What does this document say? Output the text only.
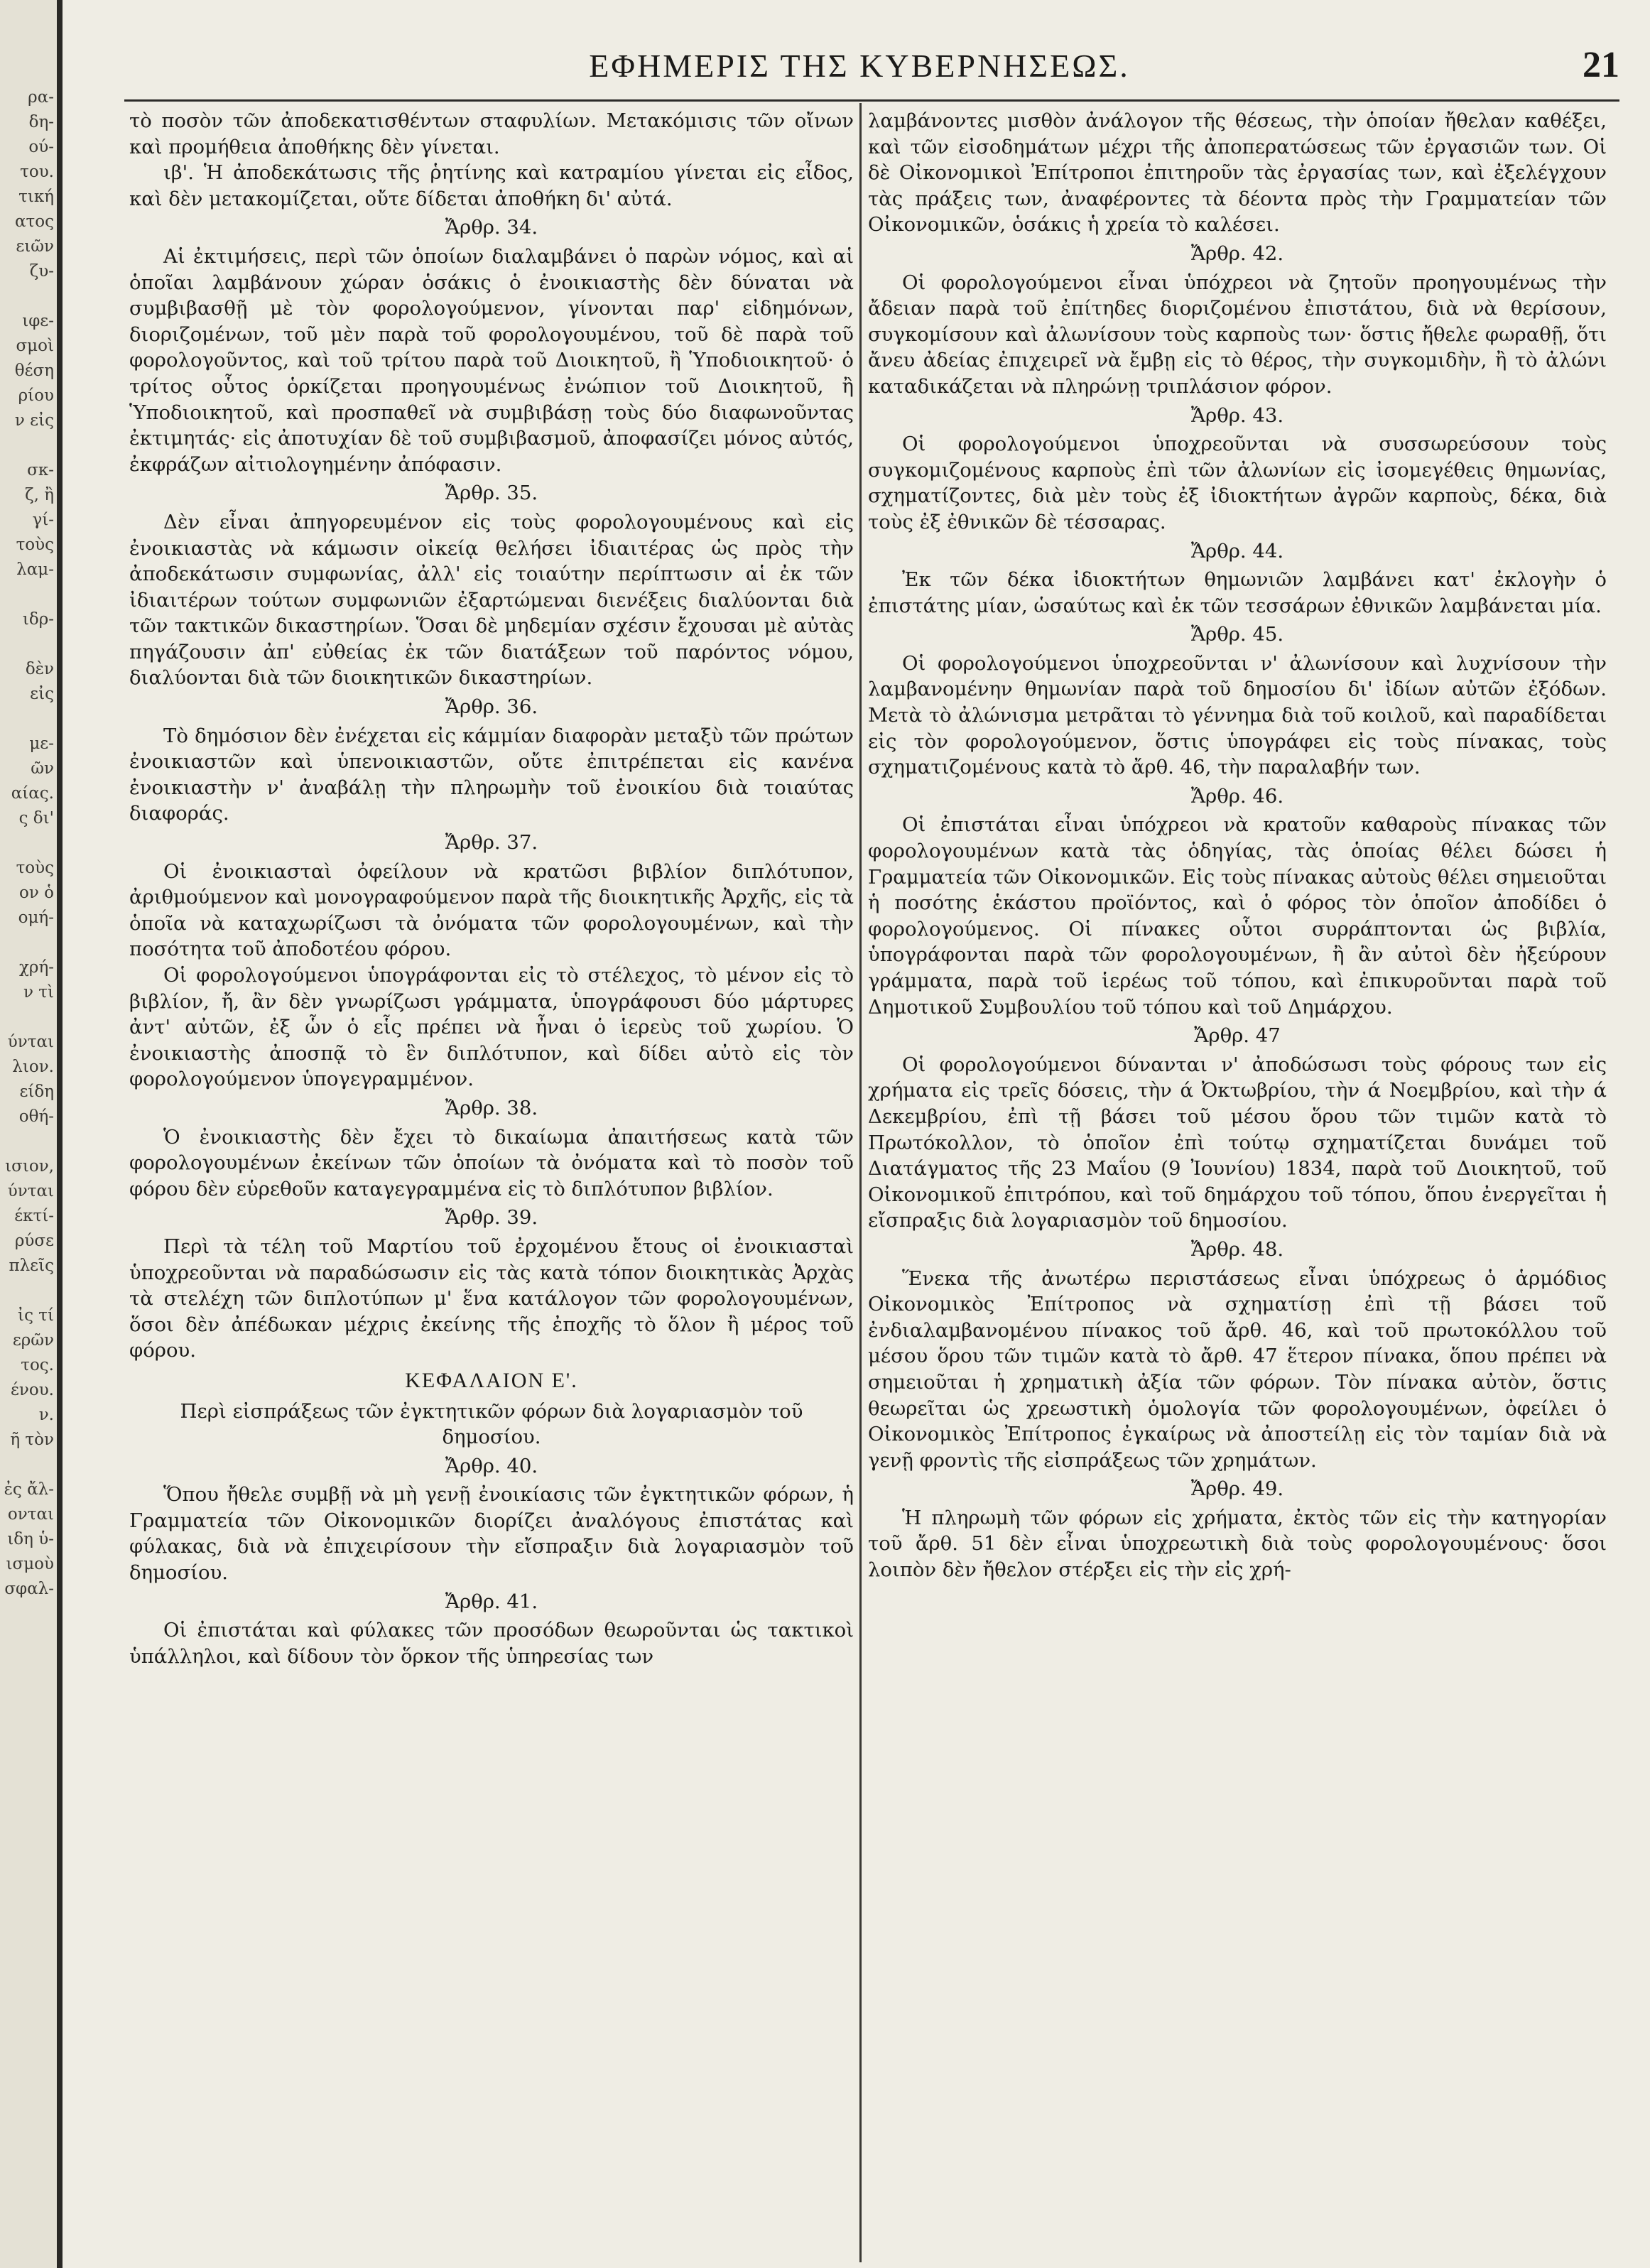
ρα-
δη-
ού-
του.
τική
ατος
ειῶν
ζυ-
ιφε-
σμοὶ
θέση
ρίου
ν εἰς
σκ-
ζ, ἢ
γί-
τοὺς
λαμ-
ιδρ-
δὲν
εἰς
με-
ῶν
αίας.
ς δι'
τοὺς
ον ὁ
ομή-
χρή-
ν τὶ
ύνται
λιον.
είδη
οθή-
ισιον,
ύνται
έκτί-
ρύσε
πλεῖς
ἰς τί
ερῶν
τος.
ένου.
ν.
ῆ τὸν
ἐς ἄλ-
ονται
ιδη ὑ-
ισμοὺ
σφαλ-
ΕΦΗΜΕΡΙΣ ΤΗΣ ΚΥΒΕΡΝΗΣΕΩΣ.	21
τὸ ποσὸν τῶν ἀποδεκατισθέντων σταφυλίων. Μετακόμισις τῶν οἴνων καὶ προμήθεια ἀποθήκης δὲν γίνεται.
ιβ'. Ἡ ἀποδεκάτωσις τῆς ῥητίνης καὶ κατραμίου γίνεται εἰς εἶδος, καὶ δὲν μετακομίζεται, οὔτε δίδεται ἀποθήκη δι' αὐτά.
Ἄρθρ. 34.
Αἱ ἐκτιμήσεις, περὶ τῶν ὁποίων διαλαμβάνει ὁ παρὼν νόμος, καὶ αἱ ὁποῖαι λαμβάνουν χώραν ὁσάκις ὁ ἐνοικιαστὴς δὲν δύναται νὰ συμβιβασθῇ μὲ τὸν φορολογούμενον, γίνονται παρ' εἰδημόνων, διοριζομένων, τοῦ μὲν παρὰ τοῦ φορολογουμένου, τοῦ δὲ παρὰ τοῦ φορολογοῦντος, καὶ τοῦ τρίτου παρὰ τοῦ Διοικητοῦ, ἢ Ὑποδιοικητοῦ· ὁ τρίτος οὗτος ὁρκίζεται προηγουμένως ἐνώπιον τοῦ Διοικητοῦ, ἢ Ὑποδιοικητοῦ, καὶ προσπαθεῖ νὰ συμβιβάσῃ τοὺς δύο διαφωνοῦντας ἐκτιμητάς· εἰς ἀποτυχίαν δὲ τοῦ συμβιβασμοῦ, ἀποφασίζει μόνος αὐτός, ἐκφράζων αἰτιολογημένην ἀπόφασιν.
Ἄρθρ. 35.
Δὲν εἶναι ἀπηγορευμένον εἰς τοὺς φορολογουμένους καὶ εἰς ἐνοικιαστὰς νὰ κάμωσιν οἰκείᾳ θελήσει ἰδιαιτέρας ὡς πρὸς τὴν ἀποδεκάτωσιν συμφωνίας, ἀλλ' εἰς τοιαύτην περίπτωσιν αἱ ἐκ τῶν ἰδιαιτέρων τούτων συμφωνιῶν ἐξαρτώμεναι διενέξεις διαλύονται διὰ τῶν τακτικῶν δικαστηρίων. Ὅσαι δὲ μηδεμίαν σχέσιν ἔχουσαι μὲ αὐτὰς πηγάζουσιν ἀπ' εὐθείας ἐκ τῶν διατάξεων τοῦ παρόντος νόμου, διαλύονται διὰ τῶν διοικητικῶν δικαστηρίων.
Ἄρθρ. 36.
Τὸ δημόσιον δὲν ἐνέχεται εἰς κάμμίαν διαφορὰν μεταξὺ τῶν πρώτων ἐνοικιαστῶν καὶ ὑπενοικιαστῶν, οὔτε ἐπιτρέπεται εἰς κανένα ἐνοικιαστὴν ν' ἀναβάλῃ τὴν πληρωμὴν τοῦ ἐνοικίου διὰ τοιαύτας διαφοράς.
Ἄρθρ. 37.
Οἱ ἐνοικιασταὶ ὀφείλουν νὰ κρατῶσι βιβλίον διπλότυπον, ἀριθμούμενον καὶ μονογραφούμενον παρὰ τῆς διοικητικῆς Ἀρχῆς, εἰς τὰ ὁποῖα νὰ καταχωρίζωσι τὰ ὀνόματα τῶν φορολογουμένων, καὶ τὴν ποσότητα τοῦ ἀποδοτέου φόρου.
Οἱ φορολογούμενοι ὑπογράφονται εἰς τὸ στέλεχος, τὸ μένον εἰς τὸ βιβλίον, ἤ, ἂν δὲν γνωρίζωσι γράμματα, ὑπογράφουσι δύο μάρτυρες ἀντ' αὐτῶν, ἐξ ὧν ὁ εἷς πρέπει νὰ ἦναι ὁ ἱερεὺς τοῦ χωρίου. Ὁ ἐνοικιαστὴς ἀποσπᾷ τὸ ἓν διπλότυπον, καὶ δίδει αὐτὸ εἰς τὸν φορολογούμενον ὑπογεγραμμένον.
Ἄρθρ. 38.
Ὁ ἐνοικιαστὴς δὲν ἔχει τὸ δικαίωμα ἀπαιτήσεως κατὰ τῶν φορολογουμένων ἐκείνων τῶν ὁποίων τὰ ὀνόματα καὶ τὸ ποσὸν τοῦ φόρου δὲν εὑρεθοῦν καταγεγραμμένα εἰς τὸ διπλότυπον βιβλίον.
Ἄρθρ. 39.
Περὶ τὰ τέλη τοῦ Μαρτίου τοῦ ἐρχομένου ἔτους οἱ ἐνοικιασταὶ ὑποχρεοῦνται νὰ παραδώσωσιν εἰς τὰς κατὰ τόπον διοικητικὰς Ἀρχὰς τὰ στελέχη τῶν διπλοτύπων μ' ἕνα κατάλογον τῶν φορολογουμένων, ὅσοι δὲν ἀπέδωκαν μέχρις ἐκείνης τῆς ἐποχῆς τὸ ὅλον ἢ μέρος τοῦ φόρου.
ΚΕΦΑΛΑΙΟΝ Ε'.
Περὶ εἰσπράξεως τῶν ἐγκτητικῶν φόρων διὰ λογαριασμὸν τοῦ δημοσίου.
Ἄρθρ. 40.
Ὅπου ἤθελε συμβῇ νὰ μὴ γενῇ ἐνοικίασις τῶν ἐγκτητικῶν φόρων, ἡ Γραμματεία τῶν Οἰκονομικῶν διορίζει ἀναλόγους ἐπιστάτας καὶ φύλακας, διὰ νὰ ἐπιχειρίσουν τὴν εἴσπραξιν διὰ λογαριασμὸν τοῦ δημοσίου.
Ἄρθρ. 41.
Οἱ ἐπιστάται καὶ φύλακες τῶν προσόδων θεωροῦνται ὡς τακτικοὶ ὑπάλληλοι, καὶ δίδουν τὸν ὅρκον τῆς ὑπηρεσίας των
λαμβάνοντες μισθὸν ἀνάλογον τῆς θέσεως, τὴν ὁποίαν ἤθελαν καθέξει, καὶ τῶν εἰσοδημάτων μέχρι τῆς ἀποπερατώσεως τῶν ἐργασιῶν των. Οἱ δὲ Οἰκονομικοὶ Ἐπίτροποι ἐπιτηροῦν τὰς ἐργασίας των, καὶ ἐξελέγχουν τὰς πράξεις των, ἀναφέροντες τὰ δέοντα πρὸς τὴν Γραμματείαν τῶν Οἰκονομικῶν, ὁσάκις ἡ χρεία τὸ καλέσει.
Ἄρθρ. 42.
Οἱ φορολογούμενοι εἶναι ὑπόχρεοι νὰ ζητοῦν προηγουμένως τὴν ἄδειαν παρὰ τοῦ ἐπίτηδες διοριζομένου ἐπιστάτου, διὰ νὰ θερίσουν, συγκομίσουν καὶ ἀλωνίσουν τοὺς καρποὺς των· ὅστις ἤθελε φωραθῇ, ὅτι ἄνευ ἀδείας ἐπιχειρεῖ νὰ ἔμβῃ εἰς τὸ θέρος, τὴν συγκομιδὴν, ἢ τὸ ἀλώνι καταδικάζεται νὰ πληρώνῃ τριπλάσιον φόρον.
Ἄρθρ. 43.
Οἱ φορολογούμενοι ὑποχρεοῦνται νὰ συσσωρεύσουν τοὺς συγκομιζομένους καρποὺς ἐπὶ τῶν ἀλωνίων εἰς ἰσομεγέθεις θημωνίας, σχηματίζοντες, διὰ μὲν τοὺς ἐξ ἰδιοκτήτων ἀγρῶν καρποὺς, δέκα, διὰ τοὺς ἐξ ἐθνικῶν δὲ τέσσαρας.
Ἄρθρ. 44.
Ἐκ τῶν δέκα ἰδιοκτήτων θημωνιῶν λαμβάνει κατ' ἐκλογὴν ὁ ἐπιστάτης μίαν, ὡσαύτως καὶ ἐκ τῶν τεσσάρων ἐθνικῶν λαμβάνεται μία.
Ἄρθρ. 45.
Οἱ φορολογούμενοι ὑποχρεοῦνται ν' ἀλωνίσουν καὶ λυχνίσουν τὴν λαμβανομένην θημωνίαν παρὰ τοῦ δημοσίου δι' ἰδίων αὐτῶν ἐξόδων. Μετὰ τὸ ἀλώνισμα μετρᾶται τὸ γέννημα διὰ τοῦ κοιλοῦ, καὶ παραδίδεται εἰς τὸν φορολογούμενον, ὅστις ὑπογράφει εἰς τοὺς πίνακας, τοὺς σχηματιζομένους κατὰ τὸ ἄρθ. 46, τὴν παραλαβήν των.
Ἄρθρ. 46.
Οἱ ἐπιστάται εἶναι ὑπόχρεοι νὰ κρατοῦν καθαροὺς πίνακας τῶν φορολογουμένων κατὰ τὰς ὁδηγίας, τὰς ὁποίας θέλει δώσει ἡ Γραμματεία τῶν Οἰκονομικῶν. Εἰς τοὺς πίνακας αὐτοὺς θέλει σημειοῦται ἡ ποσότης ἑκάστου προϊόντος, καὶ ὁ φόρος τὸν ὁποῖον ἀποδίδει ὁ φορολογούμενος. Οἱ πίνακες οὗτοι συρράπτονται ὡς βιβλία, ὑπογράφονται παρὰ τῶν φορολογουμένων, ἢ ἂν αὐτοὶ δὲν ἠξεύρουν γράμματα, παρὰ τοῦ ἱερέως τοῦ τόπου, καὶ ἐπικυροῦνται παρὰ τοῦ Δημοτικοῦ Συμβουλίου τοῦ τόπου καὶ τοῦ Δημάρχου.
Ἄρθρ. 47
Οἱ φορολογούμενοι δύνανται ν' ἀποδώσωσι τοὺς φόρους των εἰς χρήματα εἰς τρεῖς δόσεις, τὴν ά Ὀκτωβρίου, τὴν ά Νοεμβρίου, καὶ τὴν ά Δεκεμβρίου, ἐπὶ τῇ βάσει τοῦ μέσου ὅρου τῶν τιμῶν κατὰ τὸ Πρωτόκολλον, τὸ ὁποῖον ἐπὶ τούτῳ σχηματίζεται δυνάμει τοῦ Διατάγματος τῆς 23 Μαΐου (9 Ἰουνίου) 1834, παρὰ τοῦ Διοικητοῦ, τοῦ Οἰκονομικοῦ ἐπιτρόπου, καὶ τοῦ δημάρχου τοῦ τόπου, ὅπου ἐνεργεῖται ἡ εἴσπραξις διὰ λογαριασμὸν τοῦ δημοσίου.
Ἄρθρ. 48.
Ἕνεκα τῆς ἀνωτέρω περιστάσεως εἶναι ὑπόχρεως ὁ ἁρμόδιος Οἰκονομικὸς Ἐπίτροπος νὰ σχηματίσῃ ἐπὶ τῇ βάσει τοῦ ἐνδιαλαμβανομένου πίνακος τοῦ ἄρθ. 46, καὶ τοῦ πρωτοκόλλου τοῦ μέσου ὅρου τῶν τιμῶν κατὰ τὸ ἄρθ. 47 ἕτερον πίνακα, ὅπου πρέπει νὰ σημειοῦται ἡ χρηματικὴ ἀξία τῶν φόρων. Τὸν πίνακα αὐτὸν, ὅστις θεωρεῖται ὡς χρεωστικὴ ὁμολογία τῶν φορολογουμένων, ὀφείλει ὁ Οἰκονομικὸς Ἐπίτροπος ἐγκαίρως νὰ ἀποστείλῃ εἰς τὸν ταμίαν διὰ νὰ γενῇ φροντὶς τῆς εἰσπράξεως τῶν χρημάτων.
Ἄρθρ. 49.
Ἡ πληρωμὴ τῶν φόρων εἰς χρήματα, ἐκτὸς τῶν εἰς τὴν κατηγορίαν τοῦ ἄρθ. 51 δὲν εἶναι ὑποχρεωτικὴ διὰ τοὺς φορολογουμένους· ὅσοι λοιπὸν δὲν ἤθελον στέρξει εἰς τὴν εἰς χρή-
